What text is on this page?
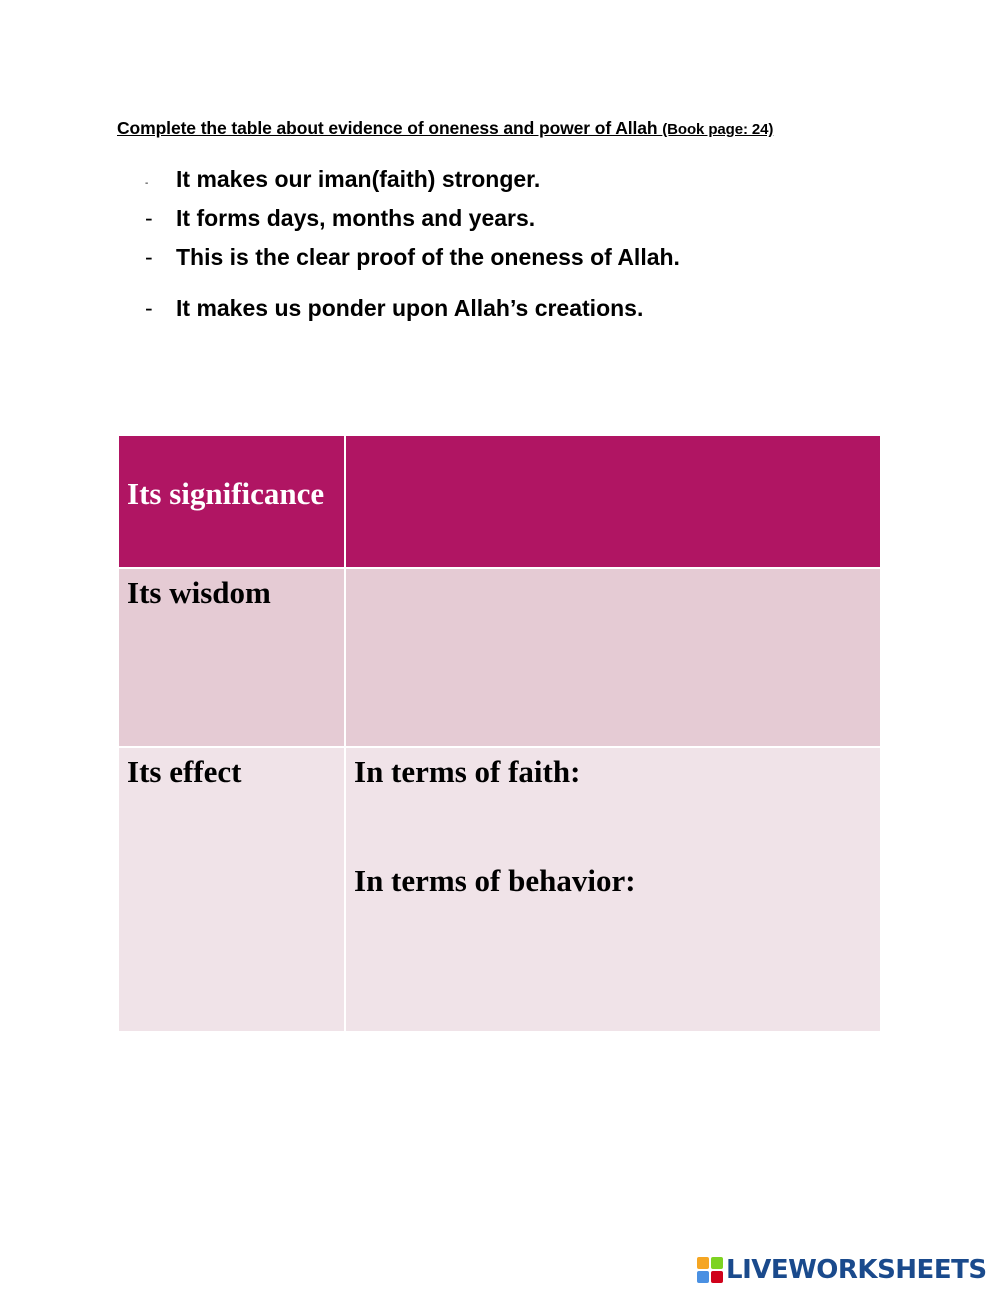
Complete the table about evidence of oneness and power of Allah (Book page: 24)
- It makes our iman(faith) stronger.
- It forms days, months and years.
- This is the clear proof of the oneness of Allah.
- It makes us ponder upon Allah’s creations.
Its significance	

Its wisdom	

Its effect	In terms of faith:
In terms of behavior:
LIVEWORKSHEETS
